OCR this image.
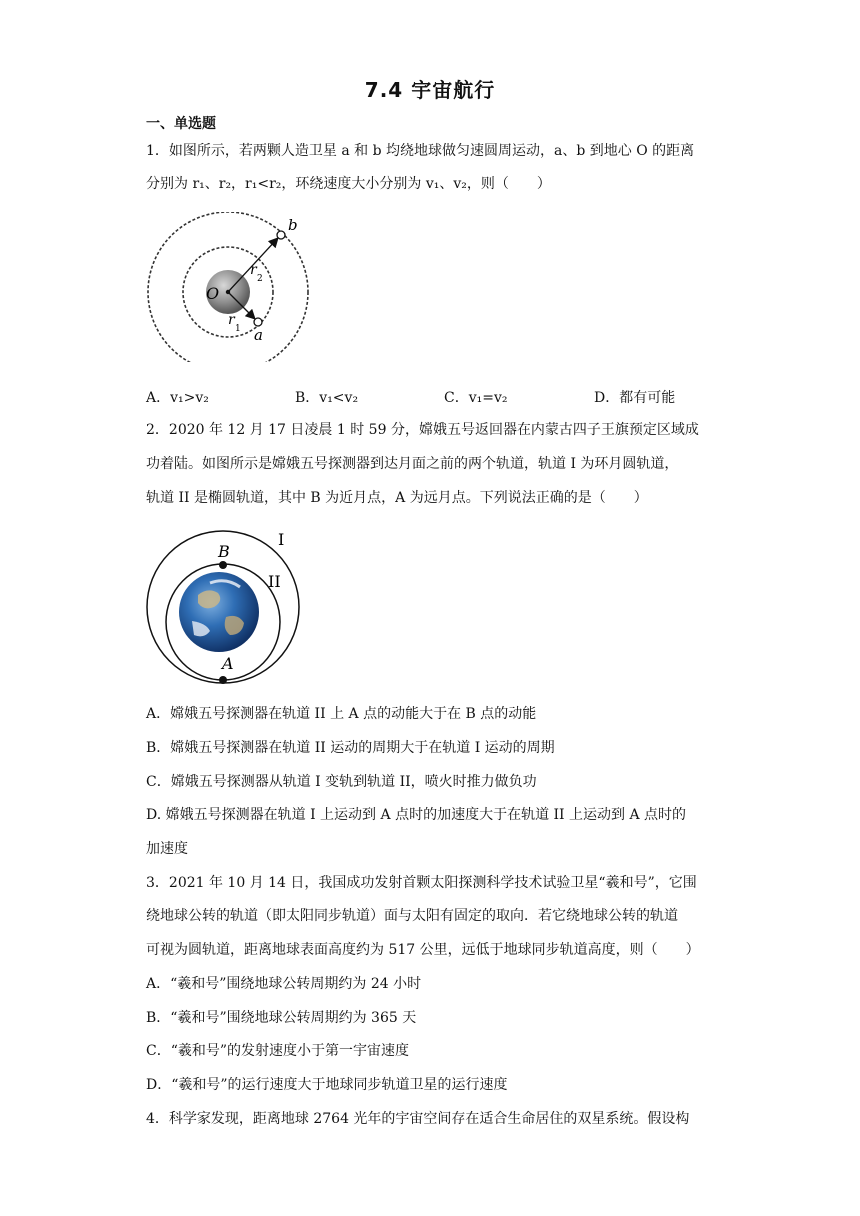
7.4 宇宙航行
一、单选题
1．如图所示，若两颗人造卫星 a 和 b 均绕地球做匀速圆周运动，a、b 到地心 O 的距离
分别为 r₁、r₂，r₁<r₂，环绕速度大小分别为 v₁、v₂，则（　　）
O
b
a
r
2
r
1
A．v₁>v₂	B．v₁<v₂	C．v₁=v₂	D．都有可能
2．2020 年 12 月 17 日凌晨 1 时 59 分，嫦娥五号返回器在内蒙古四子王旗预定区域成
功着陆。如图所示是嫦娥五号探测器到达月面之前的两个轨道，轨道 I 为环月圆轨道，
轨道 II 是椭圆轨道，其中 B 为近月点，A 为远月点。下列说法正确的是（　　）
B
A
I
II
A．嫦娥五号探测器在轨道 II 上 A 点的动能大于在 B 点的动能
B．嫦娥五号探测器在轨道 II 运动的周期大于在轨道 I 运动的周期
C．嫦娥五号探测器从轨道 I 变轨到轨道 II，喷火时推力做负功
D. 嫦娥五号探测器在轨道 I 上运动到 A 点时的加速度大于在轨道 II 上运动到 A 点时的
加速度
3．2021 年 10 月 14 日，我国成功发射首颗太阳探测科学技术试验卫星“羲和号”，它围
绕地球公转的轨道（即太阳同步轨道）面与太阳有固定的取向．若它绕地球公转的轨道
可视为圆轨道，距离地球表面高度约为 517 公里，远低于地球同步轨道高度，则（　　）
A．“羲和号”围绕地球公转周期约为 24 小时
B．“羲和号”围绕地球公转周期约为 365 天
C．“羲和号”的发射速度小于第一宇宙速度
D．“羲和号”的运行速度大于地球同步轨道卫星的运行速度
4．科学家发现，距离地球 2764 光年的宇宙空间存在适合生命居住的双星系统。假设构
